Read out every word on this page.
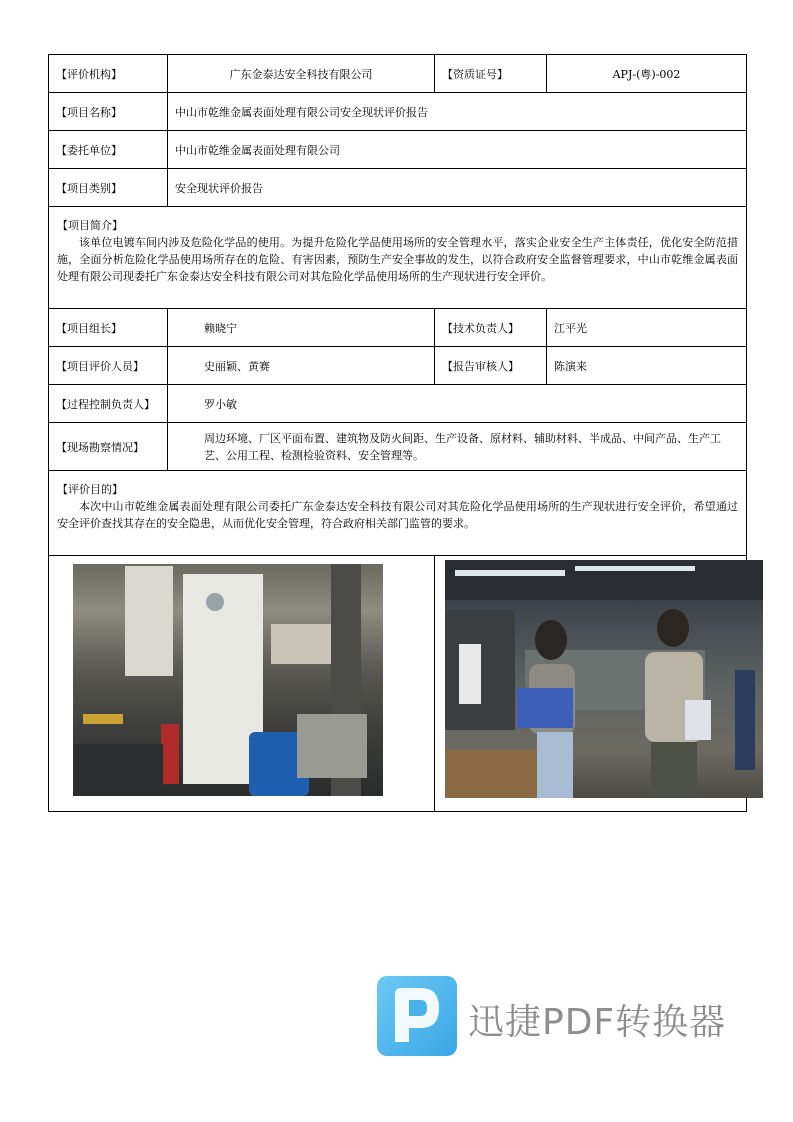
【评价机构】	广东金泰达安全科技有限公司	【资质证号】	APJ-(粤)-002
【项目名称】	中山市乾维金属表面处理有限公司安全现状评价报告		
【委托单位】	中山市乾维金属表面处理有限公司		
【项目类别】	安全现状评价报告		

【项目简介】
该单位电镀车间内涉及危险化学品的使用。为提升危险化学品使用场所的安全管理水平，落实企业安全生产主体责任，优化安全防范措施，全面分析危险化学品使用场所存在的危险、有害因素，预防生产安全事故的发生，以符合政府安全监督管理要求，中山市乾维金属表面处理有限公司现委托广东金泰达安全科技有限公司对其危险化学品使用场所的生产现状进行安全评价。			

【项目组长】	赖晓宁	【技术负责人】	江平光
【项目评价人员】	史丽颖、黄赛	【报告审核人】	陈演来
【过程控制负责人】	罗小敏		
【现场勘察情况】	周边环境、厂区平面布置、建筑物及防火间距、生产设备、原材料、辅助材料、半成品、中间产品、生产工艺、公用工程、检测检验资料、安全管理等。		

【评价目的】
本次中山市乾维金属表面处理有限公司委托广东金泰达安全科技有限公司对其危险化学品使用场所的生产现状进行安全评价，希望通过安全评价查找其存在的安全隐患，从而优化安全管理，符合政府相关部门监管的要求。			

迅捷PDF转换器
